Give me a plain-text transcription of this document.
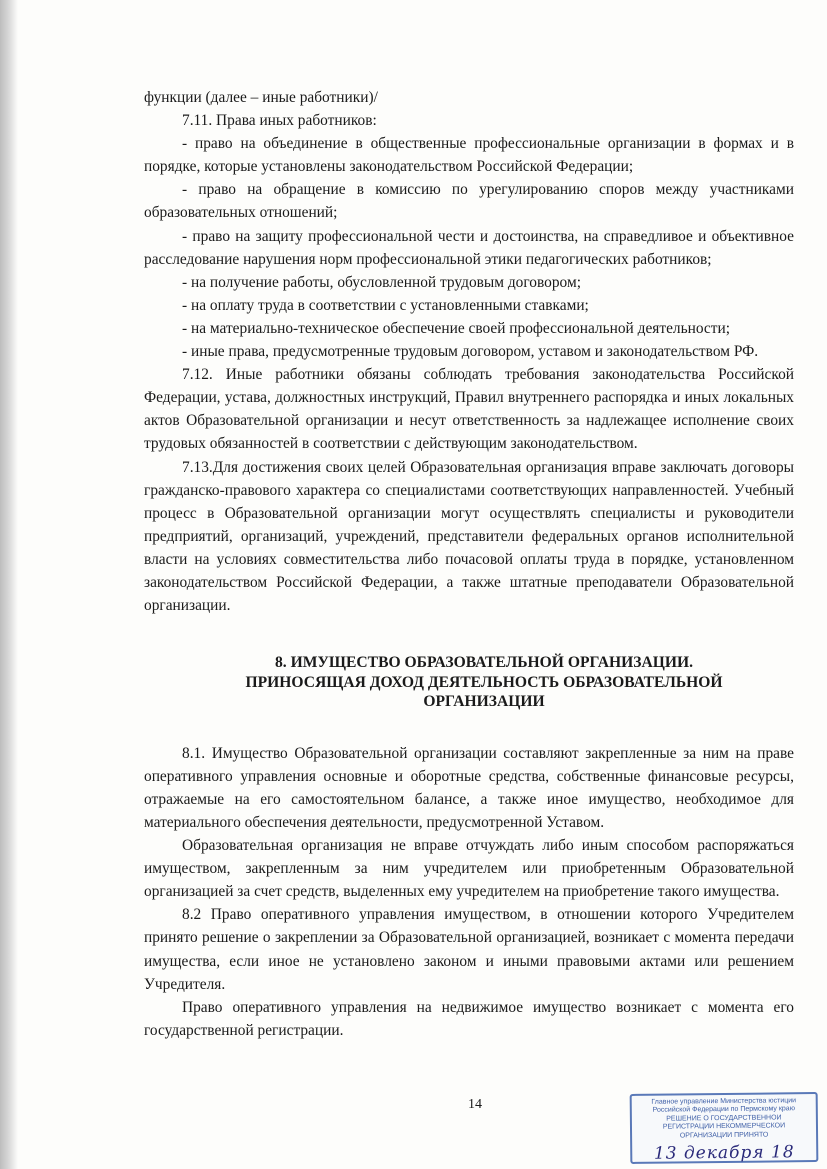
функции (далее – иные работники)/

7.11. Права иных работников:

- право на объединение в общественные профессиональные организации в формах и в порядке, которые установлены законодательством Российской Федерации;

- право на обращение в комиссию по урегулированию споров между участниками образовательных отношений;

- право на защиту профессиональной чести и достоинства, на справедливое и объективное расследование нарушения норм профессиональной этики педагогических работников;

- на получение работы, обусловленной трудовым договором;

- на оплату труда в соответствии с установленными ставками;

- на материально-техническое обеспечение своей профессиональной деятельности;

- иные права, предусмотренные трудовым договором, уставом и законодательством РФ.

7.12. Иные работники обязаны соблюдать требования законодательства Российской Федерации, устава, должностных инструкций, Правил внутреннего распорядка и иных локальных актов Образовательной организации и несут ответственность за надлежащее исполнение своих трудовых обязанностей в соответствии с действующим законодательством.

7.13.Для достижения своих целей Образовательная организация вправе заключать договоры гражданско-правового характера со специалистами соответствующих направленностей. Учебный процесс в Образовательной организации могут осуществлять специалисты и руководители предприятий, организаций, учреждений, представители федеральных органов исполнительной власти на условиях совместительства либо почасовой оплаты труда в порядке, установленном законодательством Российской Федерации, а также штатные преподаватели Образовательной организации.

8. ИМУЩЕСТВО ОБРАЗОВАТЕЛЬНОЙ ОРГАНИЗАЦИИ.

ПРИНОСЯЩАЯ ДОХОД ДЕЯТЕЛЬНОСТЬ ОБРАЗОВАТЕЛЬНОЙ

ОРГАНИЗАЦИИ

8.1. Имущество Образовательной организации составляют закрепленные за ним на праве оперативного управления основные и оборотные средства, собственные финансовые ресурсы, отражаемые на его самостоятельном балансе, а также иное имущество, необходимое для материального обеспечения деятельности, предусмотренной Уставом.

Образовательная организация не вправе отчуждать либо иным способом распоряжаться имуществом, закрепленным за ним учредителем или приобретенным Образовательной организацией за счет средств, выделенных ему учредителем на приобретение такого имущества.

8.2 Право оперативного управления имуществом, в отношении которого Учредителем принято решение о закреплении за Образовательной организацией, возникает с момента передачи имущества, если иное не установлено законом и иными правовыми актами или решением Учредителя.

Право оперативного управления на недвижимое имущество возникает с момента его государственной регистрации.

14	Главное управление Министерства юстиции
Российской Федерации по Пермскому краю
РЕШЕНИЕ О ГОСУДАРСТВЕННОЙ
РЕГИСТРАЦИИ НЕКОММЕРЧЕСКОЙ
ОРГАНИЗАЦИИ ПРИНЯТО
13 декабря 18
